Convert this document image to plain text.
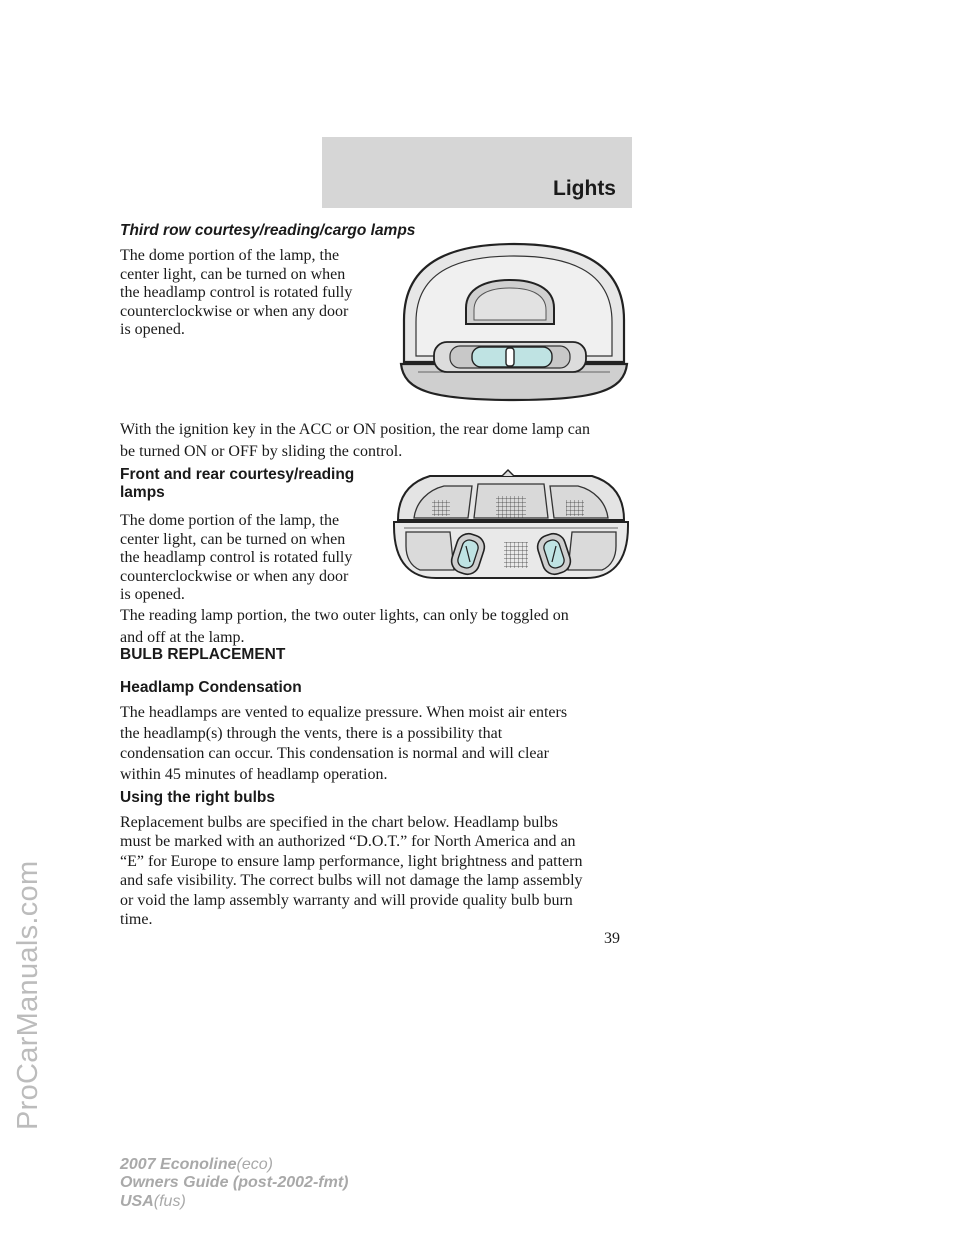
Lights
ProCarManuals.com
Third row courtesy/reading/cargo lamps

The dome portion of the lamp, the
center light, can be turned on when
the headlamp control is rotated fully
counterclockwise or when any door
is opened.

With the ignition key in the ACC or ON position, the rear dome lamp can
be turned ON or OFF by sliding the control.

Front and rear courtesy/reading
lamps

The dome portion of the lamp, the
center light, can be turned on when
the headlamp control is rotated fully
counterclockwise or when any door
is opened.

The reading lamp portion, the two outer lights, can only be toggled on
and off at the lamp.

BULB REPLACEMENT
Headlamp Condensation

The headlamps are vented to equalize pressure. When moist air enters
the headlamp(s) through the vents, there is a possibility that
condensation can occur. This condensation is normal and will clear
within 45 minutes of headlamp operation.

Using the right bulbs

Replacement bulbs are specified in the chart below. Headlamp bulbs
must be marked with an authorized “D.O.T.” for North America and an
“E” for Europe to ensure lamp performance, light brightness and pattern
and safe visibility. The correct bulbs will not damage the lamp assembly
or void the lamp assembly warranty and will provide quality bulb burn
time.

39

2007 Econoline(eco)
Owners Guide (post-2002-fmt)
USA(fus)
